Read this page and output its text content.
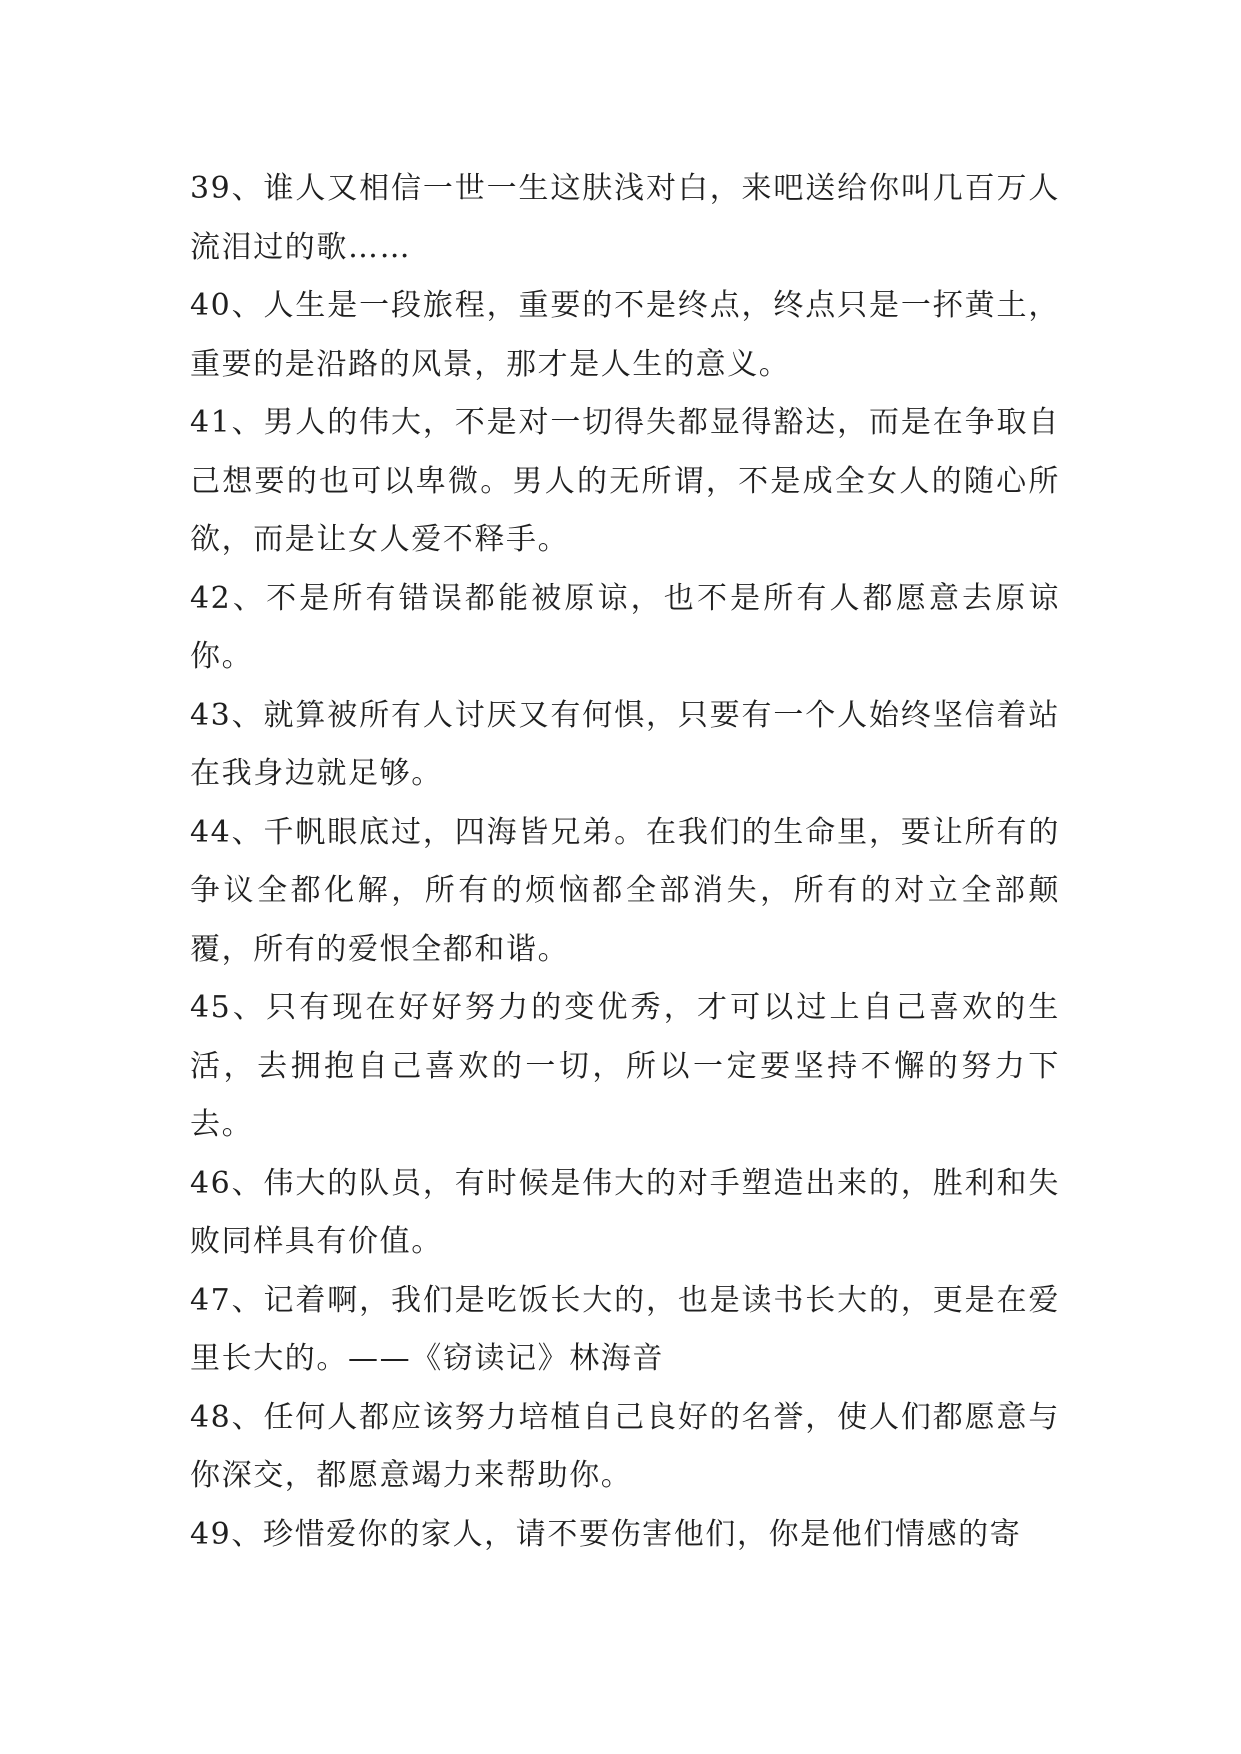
39、谁人又相信一世一生这肤浅对白，来吧送给你叫几百万人流泪过的歌……

40、人生是一段旅程，重要的不是终点，终点只是一抔黄土，重要的是沿路的风景，那才是人生的意义。

41、男人的伟大，不是对一切得失都显得豁达，而是在争取自己想要的也可以卑微。男人的无所谓，不是成全女人的随心所欲，而是让女人爱不释手。

42、不是所有错误都能被原谅，也不是所有人都愿意去原谅你。

43、就算被所有人讨厌又有何惧，只要有一个人始终坚信着站在我身边就足够。

44、千帆眼底过，四海皆兄弟。在我们的生命里，要让所有的争议全都化解，所有的烦恼都全部消失，所有的对立全部颠覆，所有的爱恨全都和谐。

45、只有现在好好努力的变优秀，才可以过上自己喜欢的生活，去拥抱自己喜欢的一切，所以一定要坚持不懈的努力下去。

46、伟大的队员，有时候是伟大的对手塑造出来的，胜利和失败同样具有价值。

47、记着啊，我们是吃饭长大的，也是读书长大的，更是在爱里长大的。——《窃读记》林海音

48、任何人都应该努力培植自己良好的名誉，使人们都愿意与你深交，都愿意竭力来帮助你。

49、珍惜爱你的家人，请不要伤害他们，你是他们情感的寄
